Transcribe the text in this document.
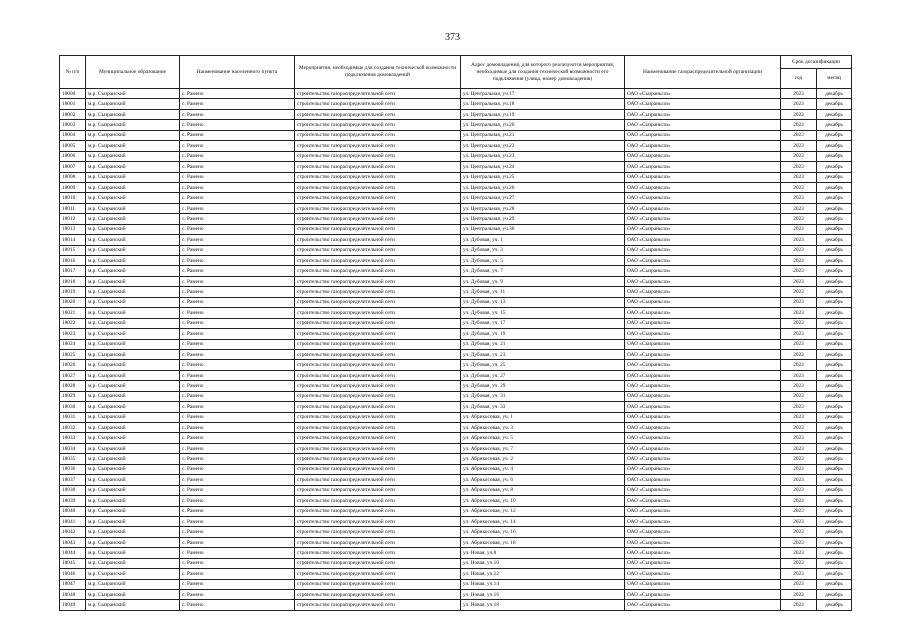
373
№ п/п	Муниципальное образование	Наименование населенного пункта	Мероприятия, необходимые для создания технической возможности подключения домовладений	Адрес домовладения, для которого реализуются мероприятия, необходимые для создания технической возможности его подключения (улица, номер домовладения)	Наименование газораспределительной организации	Срок догазификации	
						год	месяц
18000	м.р. Сызранский	с. Рамено	строительство газораспределительной сети	ул. Центральная, уч.17	ОАО «Сызраньгаз»	2023	декабрь
18001	м.р. Сызранский	с. Рамено	строительство газораспределительной сети	ул. Центральная, уч.18	ОАО «Сызраньгаз»	2023	декабрь
18002	м.р. Сызранский	с. Рамено	строительство газораспределительной сети	ул. Центральная, уч.19	ОАО «Сызраньгаз»	2023	декабрь
18003	м.р. Сызранский	с. Рамено	строительство газораспределительной сети	ул. Центральная, уч.20	ОАО «Сызраньгаз»	2023	декабрь
18004	м.р. Сызранский	с. Рамено	строительство газораспределительной сети	ул. Центральная, уч.21	ОАО «Сызраньгаз»	2023	декабрь
18005	м.р. Сызранский	с. Рамено	строительство газораспределительной сети	ул. Центральная, уч.22	ОАО «Сызраньгаз»	2023	декабрь
18006	м.р. Сызранский	с. Рамено	строительство газораспределительной сети	ул. Центральная, уч.23	ОАО «Сызраньгаз»	2023	декабрь
18007	м.р. Сызранский	с. Рамено	строительство газораспределительной сети	ул. Центральная, уч.24	ОАО «Сызраньгаз»	2023	декабрь
18008	м.р. Сызранский	с. Рамено	строительство газораспределительной сети	ул. Центральная, уч.25	ОАО «Сызраньгаз»	2023	декабрь
18009	м.р. Сызранский	с. Рамено	строительство газораспределительной сети	ул. Центральная, уч.26	ОАО «Сызраньгаз»	2023	декабрь
18010	м.р. Сызранский	с. Рамено	строительство газораспределительной сети	ул. Центральная, уч.27	ОАО «Сызраньгаз»	2023	декабрь
18011	м.р. Сызранский	с. Рамено	строительство газораспределительной сети	ул. Центральная, уч.28	ОАО «Сызраньгаз»	2023	декабрь
18012	м.р. Сызранский	с. Рамено	строительство газораспределительной сети	ул. Центральная, уч.29	ОАО «Сызраньгаз»	2023	декабрь
18013	м.р. Сызранский	с. Рамено	строительство газораспределительной сети	ул. Центральная, уч.30	ОАО «Сызраньгаз»	2023	декабрь
18014	м.р. Сызранский	с. Рамено	строительство газораспределительной сети	ул. Дубовая, уч. 1	ОАО «Сызраньгаз»	2023	декабрь
18015	м.р. Сызранский	с. Рамено	строительство газораспределительной сети	ул. Дубовая, уч. 3	ОАО «Сызраньгаз»	2023	декабрь
18016	м.р. Сызранский	с. Рамено	строительство газораспределительной сети	ул. Дубовая, уч. 5	ОАО «Сызраньгаз»	2023	декабрь
18017	м.р. Сызранский	с. Рамено	строительство газораспределительной сети	ул. Дубовая, уч. 7	ОАО «Сызраньгаз»	2023	декабрь
18018	м.р. Сызранский	с. Рамено	строительство газораспределительной сети	ул. Дубовая, уч. 9	ОАО «Сызраньгаз»	2023	декабрь
18019	м.р. Сызранский	с. Рамено	строительство газораспределительной сети	ул. Дубовая, уч. 11	ОАО «Сызраньгаз»	2023	декабрь
18020	м.р. Сызранский	с. Рамено	строительство газораспределительной сети	ул. Дубовая, уч. 13	ОАО «Сызраньгаз»	2023	декабрь
18021	м.р. Сызранский	с. Рамено	строительство газораспределительной сети	ул. Дубовая, уч. 15	ОАО «Сызраньгаз»	2023	декабрь
18022	м.р. Сызранский	с. Рамено	строительство газораспределительной сети	ул. Дубовая, уч. 17	ОАО «Сызраньгаз»	2023	декабрь
18023	м.р. Сызранский	с. Рамено	строительство газораспределительной сети	ул. Дубовая, уч. 19	ОАО «Сызраньгаз»	2023	декабрь
18024	м.р. Сызранский	с. Рамено	строительство газораспределительной сети	ул. Дубовая, уч. 21	ОАО «Сызраньгаз»	2023	декабрь
18025	м.р. Сызранский	с. Рамено	строительство газораспределительной сети	ул. Дубовая, уч. 23	ОАО «Сызраньгаз»	2023	декабрь
18026	м.р. Сызранский	с. Рамено	строительство газораспределительной сети	ул. Дубовая, уч. 25	ОАО «Сызраньгаз»	2023	декабрь
18027	м.р. Сызранский	с. Рамено	строительство газораспределительной сети	ул. Дубовая, уч. 27	ОАО «Сызраньгаз»	2023	декабрь
18028	м.р. Сызранский	с. Рамено	строительство газораспределительной сети	ул. Дубовая, уч. 29	ОАО «Сызраньгаз»	2023	декабрь
18029	м.р. Сызранский	с. Рамено	строительство газораспределительной сети	ул. Дубовая, уч. 31	ОАО «Сызраньгаз»	2023	декабрь
18030	м.р. Сызранский	с. Рамено	строительство газораспределительной сети	ул. Дубовая, уч. 33	ОАО «Сызраньгаз»	2023	декабрь
18031	м.р. Сызранский	с. Рамено	строительство газораспределительной сети	ул. Абрикосовая, уч. 1	ОАО «Сызраньгаз»	2023	декабрь
18032	м.р. Сызранский	с. Рамено	строительство газораспределительной сети	ул. Абрикосовая, уч. 3	ОАО «Сызраньгаз»	2023	декабрь
18033	м.р. Сызранский	с. Рамено	строительство газораспределительной сети	ул. Абрикосовая, уч. 5	ОАО «Сызраньгаз»	2023	декабрь
18034	м.р. Сызранский	с. Рамено	строительство газораспределительной сети	ул. Абрикосовая, уч. 7	ОАО «Сызраньгаз»	2023	декабрь
18035	м.р. Сызранский	с. Рамено	строительство газораспределительной сети	ул. Абрикосовая, уч. 2	ОАО «Сызраньгаз»	2023	декабрь
18036	м.р. Сызранский	с. Рамено	строительство газораспределительной сети	ул. Абрикосовая, уч. 4	ОАО «Сызраньгаз»	2023	декабрь
18037	м.р. Сызранский	с. Рамено	строительство газораспределительной сети	ул. Абрикосовая, уч. 6	ОАО «Сызраньгаз»	2023	декабрь
18038	м.р. Сызранский	с. Рамено	строительство газораспределительной сети	ул. Абрикосовая, уч. 8	ОАО «Сызраньгаз»	2023	декабрь
18039	м.р. Сызранский	с. Рамено	строительство газораспределительной сети	ул. Абрикосовая, уч. 10	ОАО «Сызраньгаз»	2023	декабрь
18040	м.р. Сызранский	с. Рамено	строительство газораспределительной сети	ул. Абрикосовая, уч. 12	ОАО «Сызраньгаз»	2023	декабрь
18041	м.р. Сызранский	с. Рамено	строительство газораспределительной сети	ул. Абрикосовая, уч. 14	ОАО «Сызраньгаз»	2023	декабрь
18042	м.р. Сызранский	с. Рамено	строительство газораспределительной сети	ул. Абрикосовая, уч. 16	ОАО «Сызраньгаз»	2023	декабрь
18043	м.р. Сызранский	с. Рамено	строительство газораспределительной сети	ул. Абрикосовая, уч. 18	ОАО «Сызраньгаз»	2023	декабрь
18044	м.р. Сызранский	с. Рамено	строительство газораспределительной сети	ул. Новая, уч.8	ОАО «Сызраньгаз»	2023	декабрь
18045	м.р. Сызранский	с. Рамено	строительство газораспределительной сети	ул. Новая, уч.10	ОАО «Сызраньгаз»	2023	декабрь
18046	м.р. Сызранский	с. Рамено	строительство газораспределительной сети	ул. Новая, уч.12	ОАО «Сызраньгаз»	2023	декабрь
18047	м.р. Сызранский	с. Рамено	строительство газораспределительной сети	ул. Новая, уч.14	ОАО «Сызраньгаз»	2023	декабрь
18048	м.р. Сызранский	с. Рамено	строительство газораспределительной сети	ул. Новая, уч.16	ОАО «Сызраньгаз»	2023	декабрь
18049	м.р. Сызранский	с. Рамено	строительство газораспределительной сети	ул. Новая, уч.18	ОАО «Сызраньгаз»	2023	декабрь
